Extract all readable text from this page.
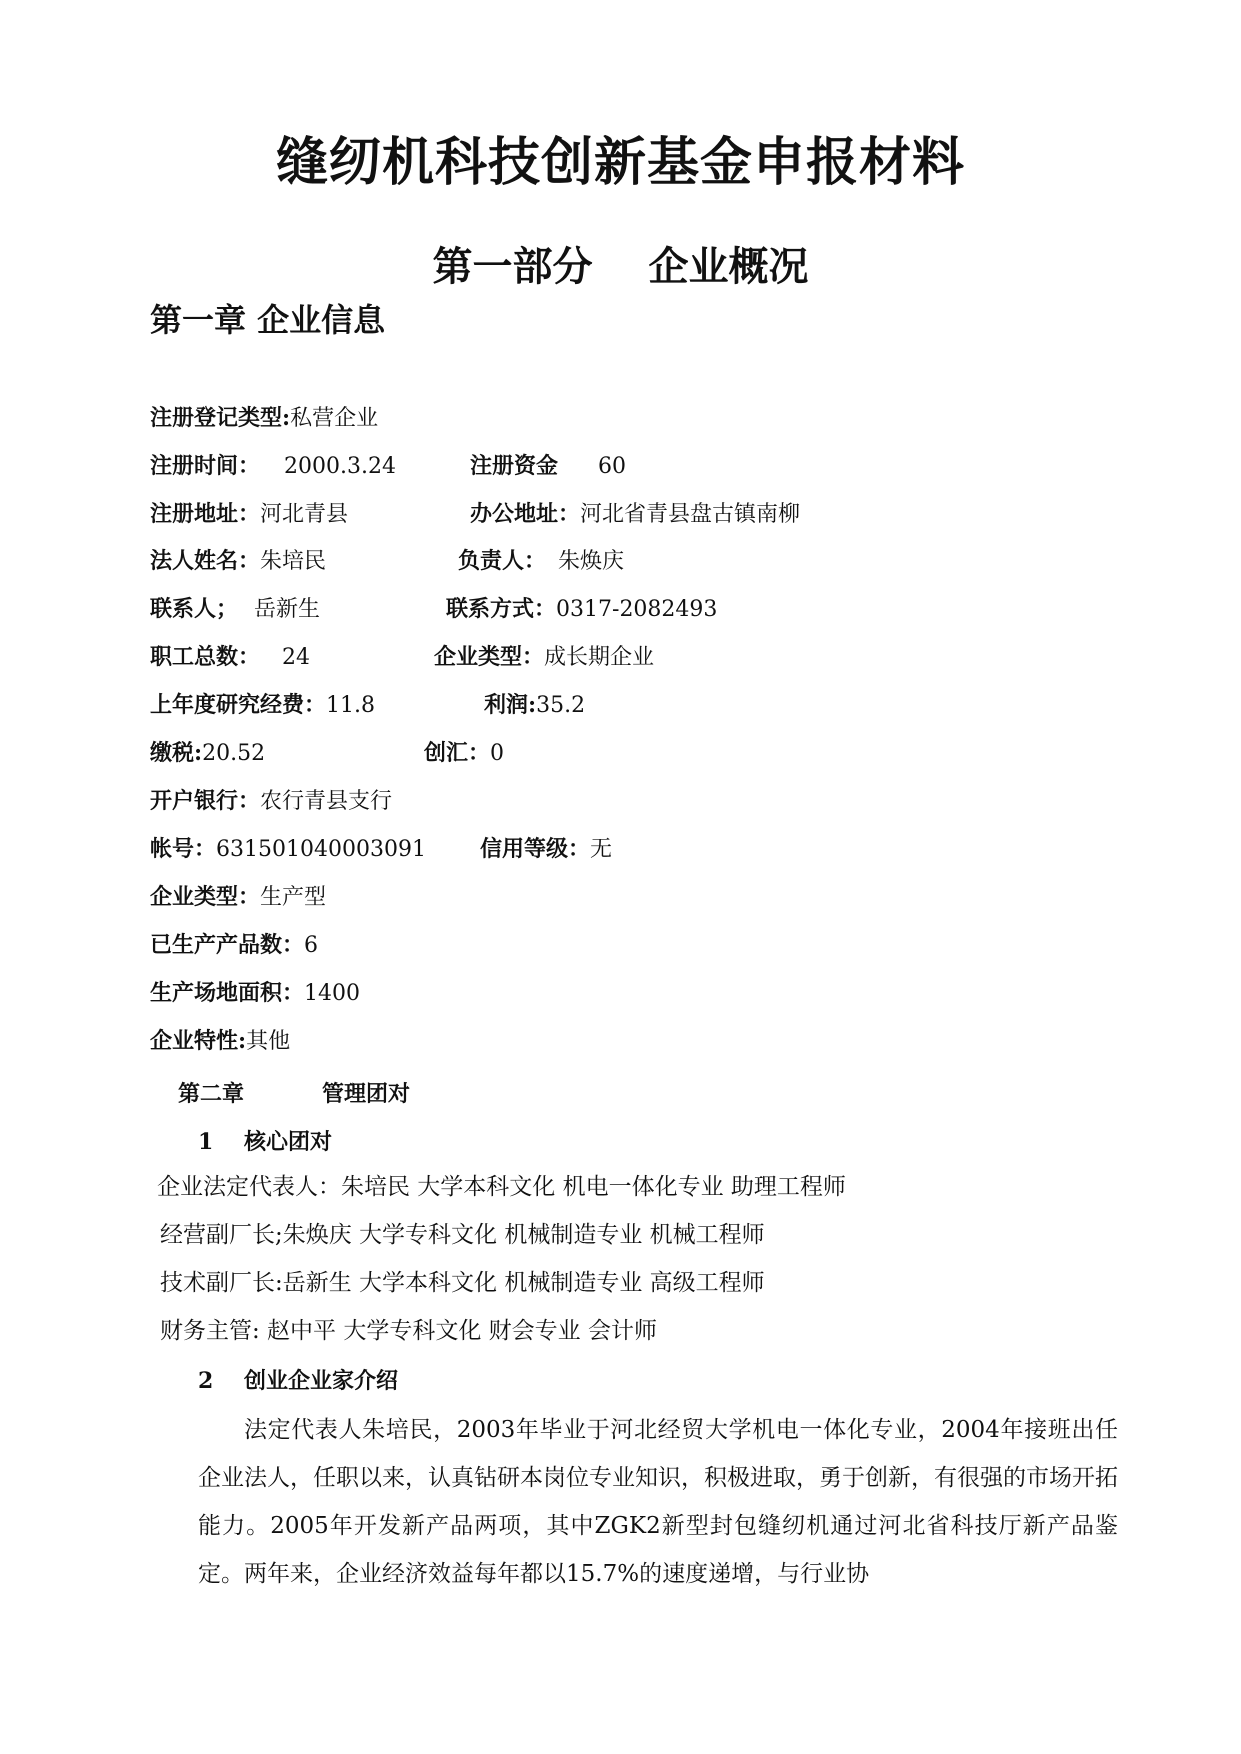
缝纫机科技创新基金申报材料
第一部分 企业概况
第一章 企业信息
注册登记类型:私营企业
注册时间： 2000.3.24	注册资金 60
注册地址：河北青县	办公地址：河北省青县盘古镇南柳
法人姓名：朱培民	负责人： 朱焕庆
联系人； 岳新生	联系方式：0317-2082493
职工总数： 24	企业类型：成长期企业
上年度研究经费：11.8	利润:35.2
缴税:20.52	创汇：0
开户银行：农行青县支行
帐号：631501040003091 信用等级：无
企业类型：生产型
已生产产品数：6
生产场地面积：1400
企业特性:其他
第二章	管理团对
1 核心团对
企业法定代表人：朱培民 大学本科文化 机电一体化专业 助理工程师
经营副厂长;朱焕庆 大学专科文化 机械制造专业 机械工程师
技术副厂长:岳新生 大学本科文化 机械制造专业 高级工程师
财务主管: 赵中平 大学专科文化 财会专业 会计师
2 创业企业家介绍
法定代表人朱培民，2003年毕业于河北经贸大学机电一体化专业，2004年接班出任企业法人，任职以来，认真钻研本岗位专业知识，积极进取，勇于创新，有很强的市场开拓能力。2005年开发新产品两项，其中ZGK2新型封包缝纫机通过河北省科技厅新产品鉴定。两年来，企业经济效益每年都以15.7%的速度递增，与行业协
